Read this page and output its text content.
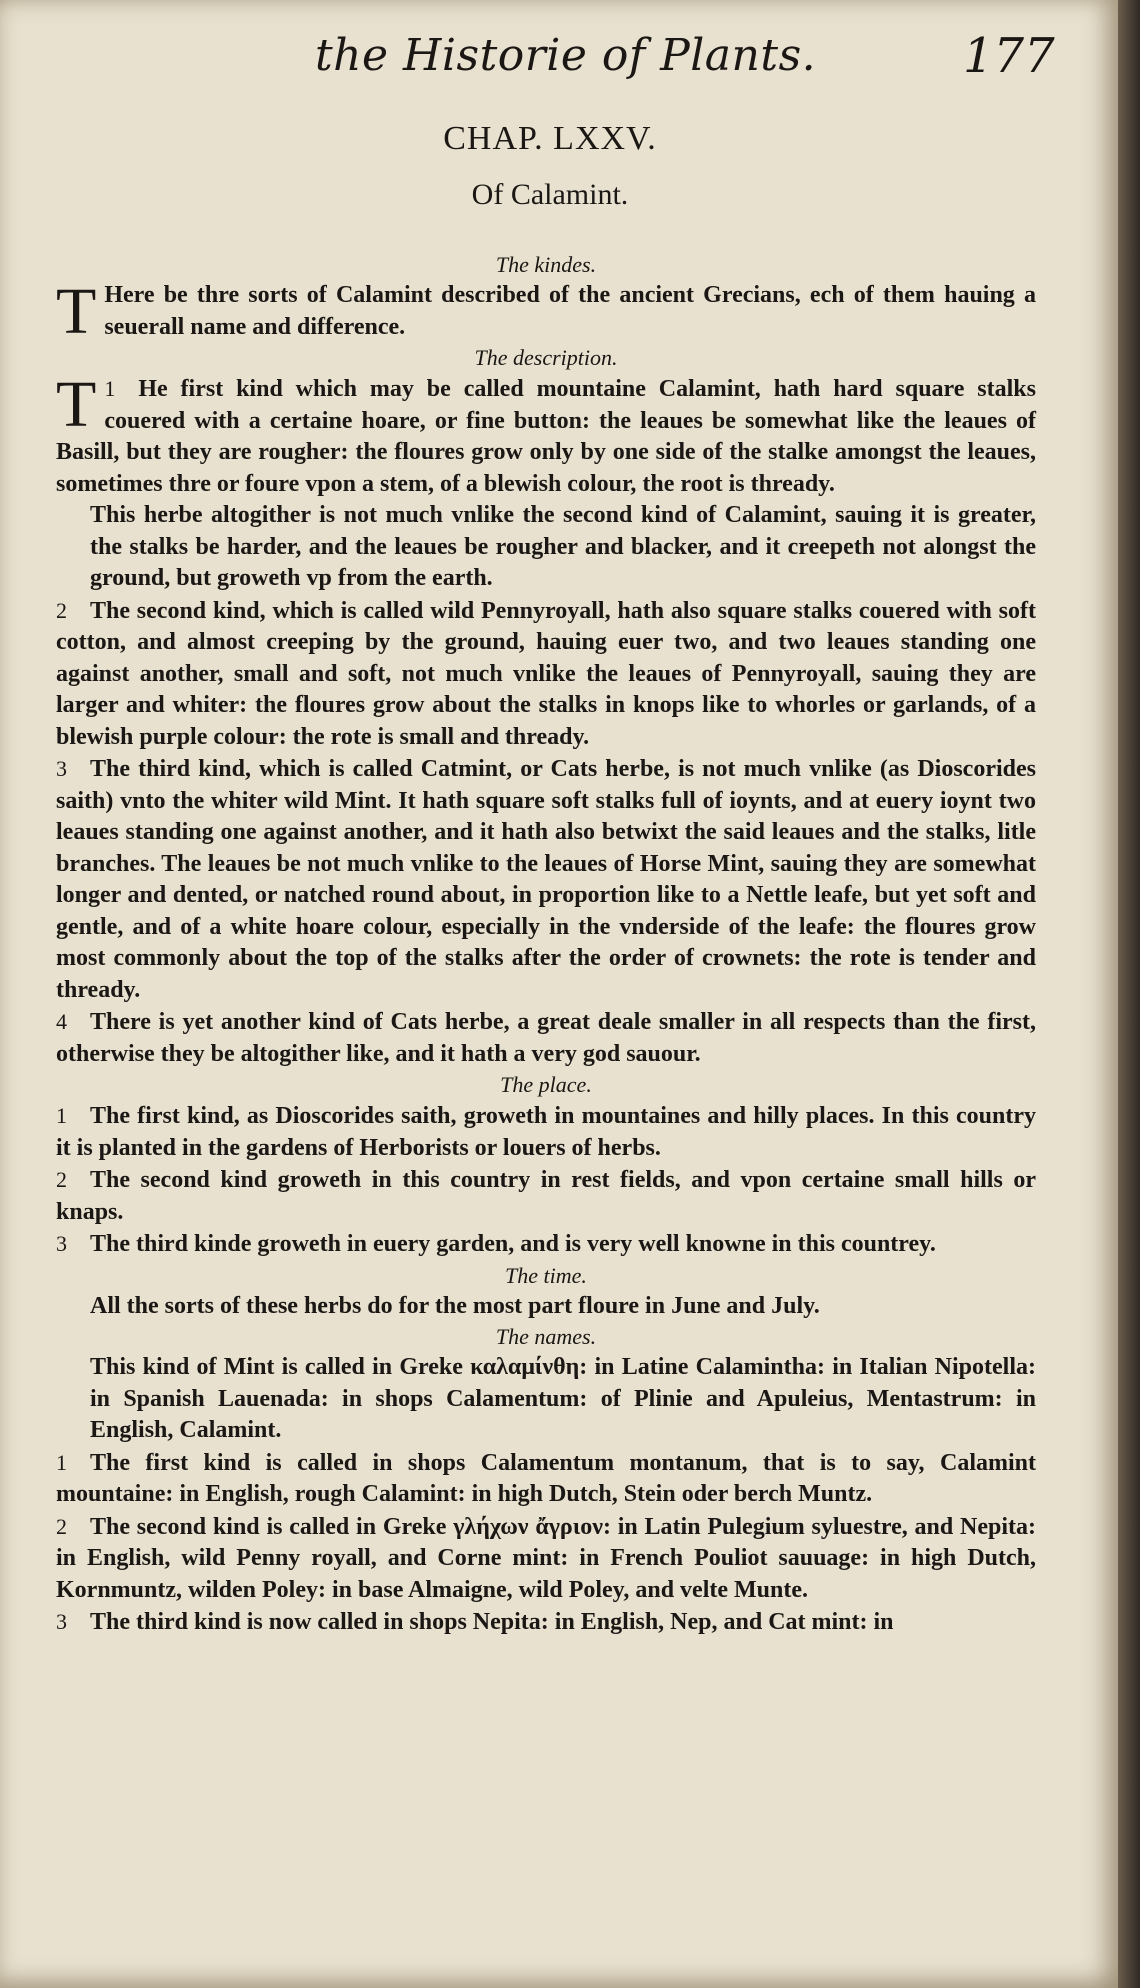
the Historie of Plants.	177
CHAP. LXXV.
Of Calamint.
The kindes.

T Here be thre sorts of Calamint described of the ancient Grecians, ech of them hauing a seuerall name and difference.

The description.

1
T He first kind which may be called mountaine Calamint, hath hard square stalks couered with a certaine hoare, or fine button: the leaues be somewhat like the leaues of Basill, but they are rougher: the floures grow only by one side of the stalke amongst the leaues, sometimes thre or foure vpon a stem, of a blewish colour, the root is thready.

This herbe altogither is not much vnlike the second kind of Calamint, sauing it is greater, the stalks be harder, and the leaues be rougher and blacker, and it creepeth not alongst the ground, but groweth vp from the earth.

2 The second kind, which is called wild Pennyroyall, hath also square stalks couered with soft cotton, and almost creeping by the ground, hauing euer two, and two leaues standing one against another, small and soft, not much vnlike the leaues of Pennyroyall, sauing they are larger and whiter: the floures grow about the stalks in knops like to whorles or garlands, of a blewish purple colour: the rote is small and thready.

3 The third kind, which is called Catmint, or Cats herbe, is not much vnlike (as Dioscorides saith) vnto the whiter wild Mint. It hath square soft stalks full of ioynts, and at euery ioynt two leaues standing one against another, and it hath also betwixt the said leaues and the stalks, litle branches. The leaues be not much vnlike to the leaues of Horse Mint, sauing they are somewhat longer and dented, or natched round about, in proportion like to a Nettle leafe, but yet soft and gentle, and of a white hoare colour, especially in the vnderside of the leafe: the floures grow most commonly about the top of the stalks after the order of crownets: the rote is tender and thready.

4 There is yet another kind of Cats herbe, a great deale smaller in all respects than the first, otherwise they be altogither like, and it hath a very god sauour.

The place.

1 The first kind, as Dioscorides saith, groweth in mountaines and hilly places. In this country it is planted in the gardens of Herborists or louers of herbs.

2 The second kind groweth in this country in rest fields, and vpon certaine small hills or knaps.

3 The third kinde groweth in euery garden, and is very well knowne in this countrey.

The time.

All the sorts of these herbs do for the most part floure in June and July.

The names.

This kind of Mint is called in Greke καλαμίνθη: in Latine Calamintha: in Italian Nipotella: in Spanish Lauenada: in shops Calamentum: of Plinie and Apuleius, Mentastrum: in English, Calamint.

1 The first kind is called in shops Calamentum montanum, that is to say, Calamint mountaine: in English, rough Calamint: in high Dutch, Stein oder berch Muntz.

2 The second kind is called in Greke γλήχων ἄγριον: in Latin Pulegium syluestre, and Nepita: in English, wild Penny royall, and Corne mint: in French Pouliot sauuage: in high Dutch, Kornmuntz, wilden Poley: in base Almaigne, wild Poley, and velte Munte.

3 The third kind is now called in shops Nepita: in English, Nep, and Cat mint: in
